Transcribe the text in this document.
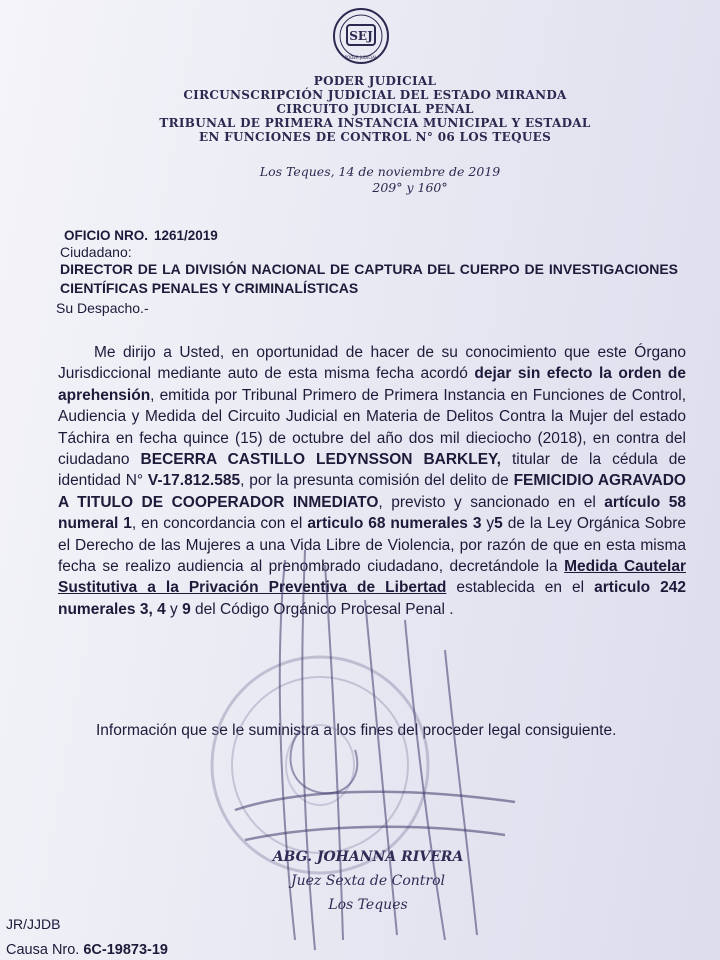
SEJ
PODER JUDICIAL
PODER JUDICIAL
CIRCUNSCRIPCIÓN JUDICIAL DEL ESTADO MIRANDA
CIRCUITO JUDICIAL PENAL
TRIBUNAL DE PRIMERA INSTANCIA MUNICIPAL Y ESTADAL
EN FUNCIONES DE CONTROL N° 06 LOS TEQUES
Los Teques, 14 de noviembre de 2019
209° y 160°
OFICIO NRO. 1261/2019
Ciudadano:
DIRECTOR DE LA DIVISIÓN NACIONAL DE CAPTURA DEL CUERPO DE INVESTIGACIONES CIENTÍFICAS PENALES Y CRIMINALÍSTICAS
Su Despacho.-
Me dirijo a Usted, en oportunidad de hacer de su conocimiento que este Órgano Jurisdiccional mediante auto de esta misma fecha acordó dejar sin efecto la orden de aprehensión, emitida por Tribunal Primero de Primera Instancia en Funciones de Control, Audiencia y Medida del Circuito Judicial en Materia de Delitos Contra la Mujer del estado Táchira en fecha quince (15) de octubre del año dos mil dieciocho (2018), en contra del ciudadano BECERRA CASTILLO LEDYNSSON BARKLEY, titular de la cédula de identidad N° V-17.812.585, por la presunta comisión del delito de FEMICIDIO AGRAVADO A TITULO DE COOPERADOR INMEDIATO, previsto y sancionado en el artículo 58 numeral 1, en concordancia con el articulo 68 numerales 3 y5 de la Ley Orgánica Sobre el Derecho de las Mujeres a una Vida Libre de Violencia, por razón de que en esta misma fecha se realizo audiencia al prenombrado ciudadano, decretándole la Medida Cautelar Sustitutiva a la Privación Preventiva de Libertad establecida en el articulo 242 numerales 3, 4 y 9 del Código Orgánico Procesal Penal .
Información que se le suministra a los fines del proceder legal consiguiente.
ABG. JOHANNA RIVERA
Juez Sexta de Control
Los Teques
JR/JJDB
Causa Nro. 6C-19873-19
